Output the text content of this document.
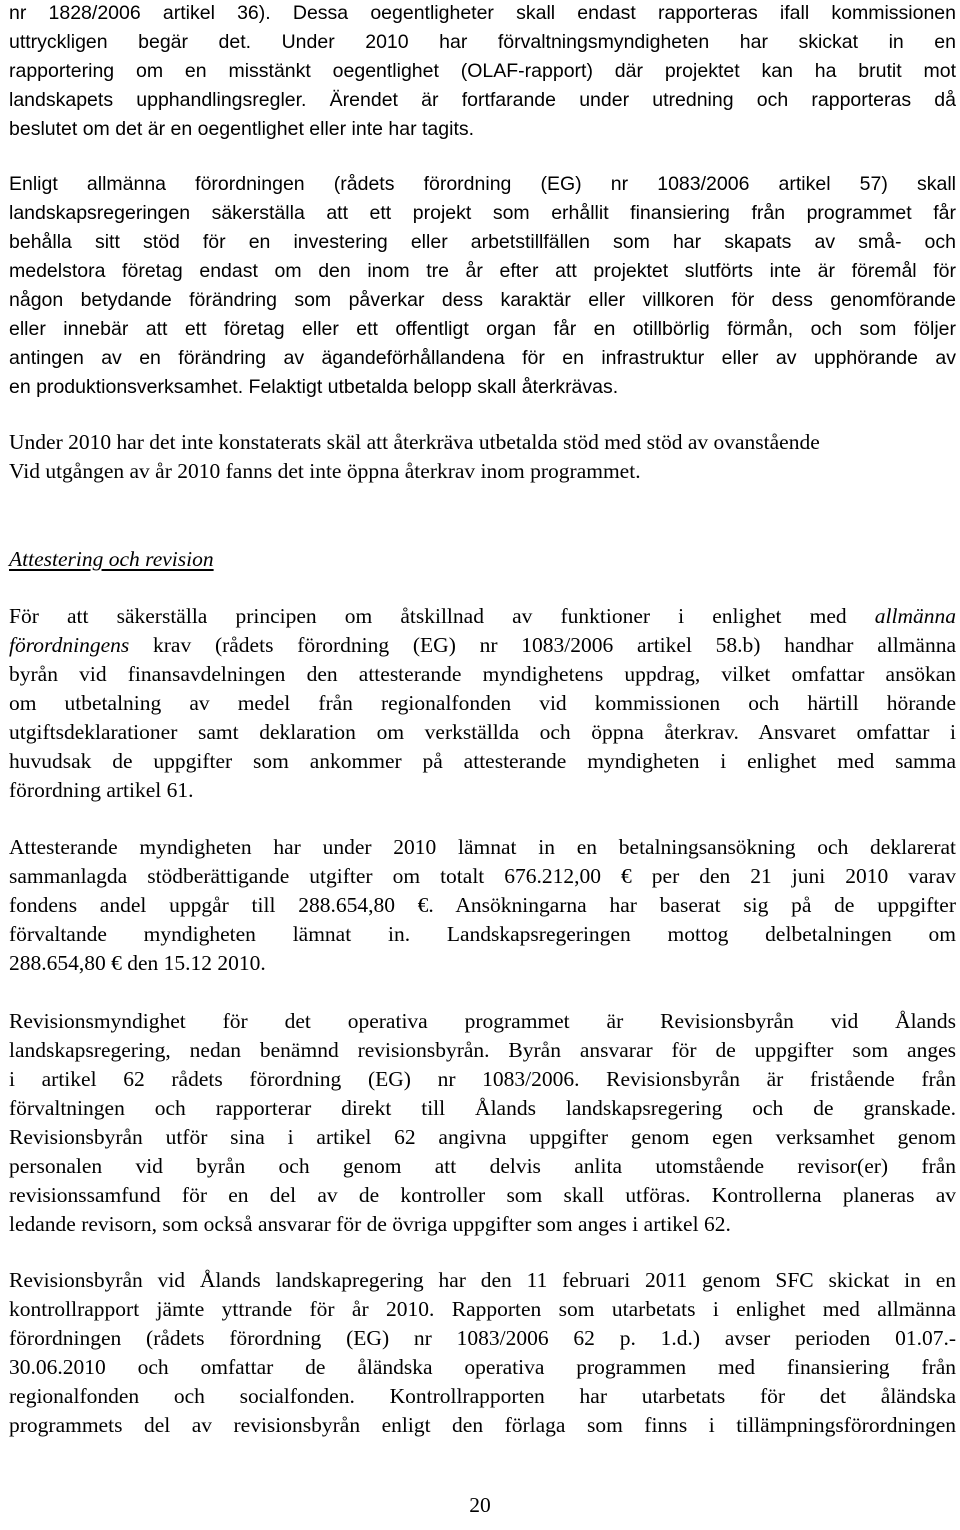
nr 1828/2006 artikel 36). Dessa oegentligheter skall endast rapporteras ifall kommissionen
uttryckligen begär det. Under 2010 har förvaltningsmyndigheten har skickat in en
rapportering om en misstänkt oegentlighet (OLAF-rapport) där projektet kan ha brutit mot
landskapets upphandlingsregler. Ärendet är fortfarande under utredning och rapporteras då
beslutet om det är en oegentlighet eller inte har tagits.
Enligt allmänna förordningen (rådets förordning (EG) nr 1083/2006 artikel 57) skall
landskapsregeringen säkerställa att ett projekt som erhållit finansiering från programmet får
behålla sitt stöd för en investering eller arbetstillfällen som har skapats av små- och
medelstora företag endast om den inom tre år efter att projektet slutförts inte är föremål för
någon betydande förändring som påverkar dess karaktär eller villkoren för dess genomförande
eller innebär att ett företag eller ett offentligt organ får en otillbörlig förmån, och som följer
antingen av en förändring av ägandeförhållandena för en infrastruktur eller av upphörande av
en produktionsverksamhet. Felaktigt utbetalda belopp skall återkrävas.
Under 2010 har det inte konstaterats skäl att återkräva utbetalda stöd med stöd av ovanstående
Vid utgången av år 2010 fanns det inte öppna återkrav inom programmet.
Attestering och revision
För att säkerställa principen om åtskillnad av funktioner i enlighet med allmänna
förordningens krav (rådets förordning (EG) nr 1083/2006 artikel 58.b) handhar allmänna
byrån vid finansavdelningen den attesterande myndighetens uppdrag, vilket omfattar ansökan
om utbetalning av medel från regionalfonden vid kommissionen och härtill hörande
utgiftsdeklarationer samt deklaration om verkställda och öppna återkrav. Ansvaret omfattar i
huvudsak de uppgifter som ankommer på attesterande myndigheten i enlighet med samma
förordning artikel 61.
Attesterande myndigheten har under 2010 lämnat in en betalningsansökning och deklarerat
sammanlagda stödberättigande utgifter om totalt 676.212,00 € per den 21 juni 2010 varav
fondens andel uppgår till 288.654,80 €. Ansökningarna har baserat sig på de uppgifter
förvaltande myndigheten lämnat in. Landskapsregeringen mottog delbetalningen om
288.654,80 € den 15.12 2010.
Revisionsmyndighet för det operativa programmet är Revisionsbyrån vid Ålands
landskapsregering, nedan benämnd revisionsbyrån. Byrån ansvarar för de uppgifter som anges
i artikel 62 rådets förordning (EG) nr 1083/2006. Revisionsbyrån är fristående från
förvaltningen och rapporterar direkt till Ålands landskapsregering och de granskade.
Revisionsbyrån utför sina i artikel 62 angivna uppgifter genom egen verksamhet genom
personalen vid byrån och genom att delvis anlita utomstående revisor(er) från
revisionssamfund för en del av de kontroller som skall utföras. Kontrollerna planeras av
ledande revisorn, som också ansvarar för de övriga uppgifter som anges i artikel 62.
Revisionsbyrån vid Ålands landskapregering har den 11 februari 2011 genom SFC skickat in en
kontrollrapport jämte yttrande för år 2010. Rapporten som utarbetats i enlighet med allmänna
förordningen (rådets förordning (EG) nr 1083/2006 62 p. 1.d.) avser perioden 01.07.-
30.06.2010 och omfattar de åländska operativa programmen med finansiering från
regionalfonden och socialfonden. Kontrollrapporten har utarbetats för det åländska
programmets del av revisionsbyrån enligt den förlaga som finns i tillämpningsförordningen
20
